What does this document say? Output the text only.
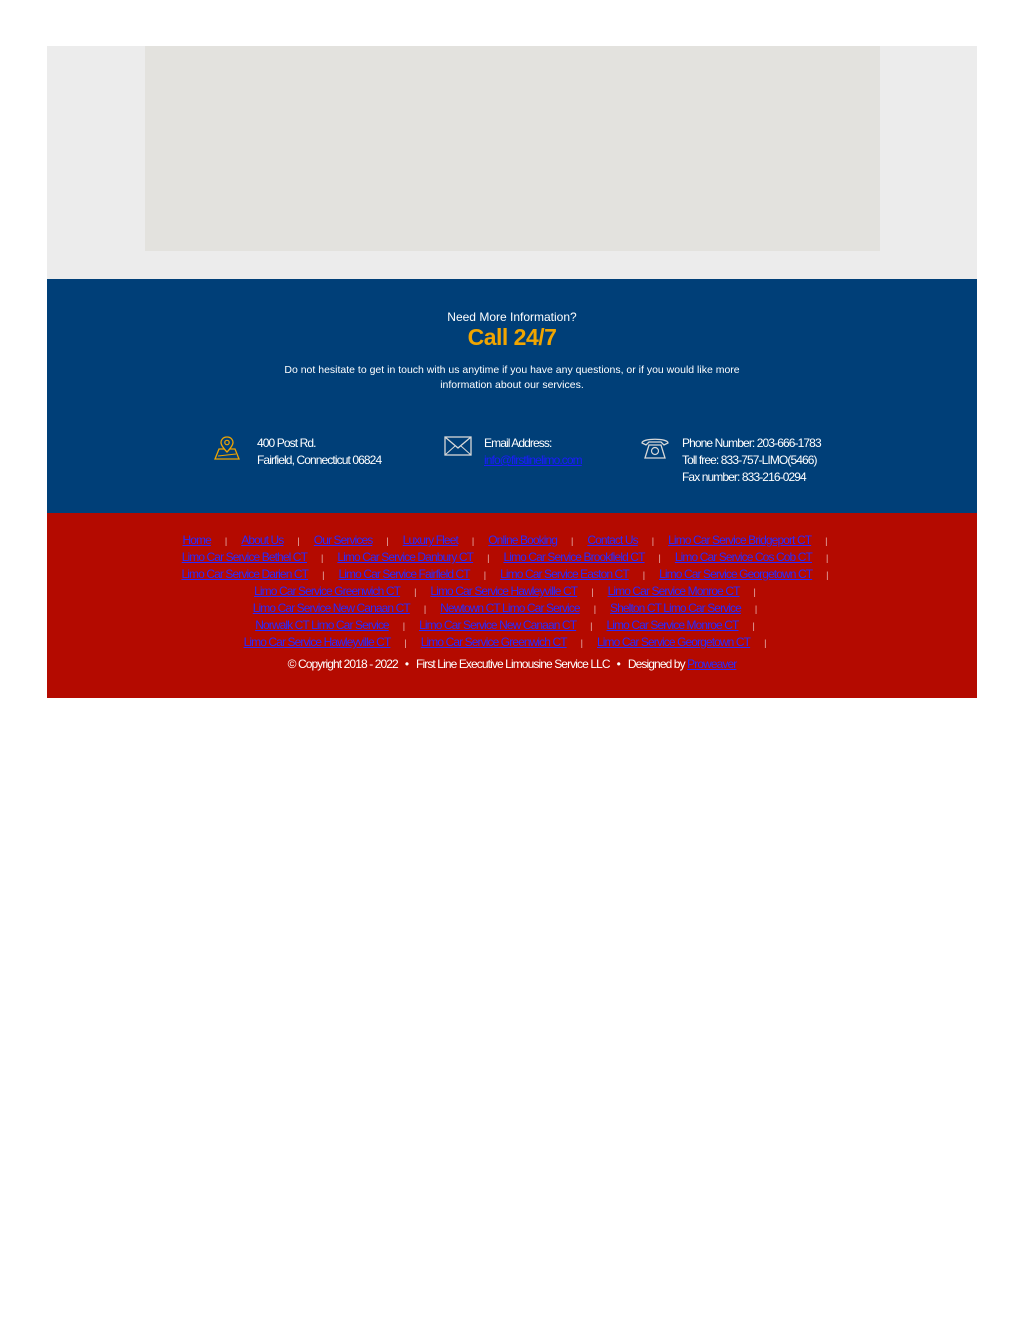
Need More Information?
Call 24/7
Do not hesitate to get in touch with us anytime if you have any questions, or if you would like more information about our services.
400 Post Rd.
Fairfield, Connecticut 06824
Email Address:
info@firstlinelimo.com
Phone Number: 203-666-1783
Toll free: 833-757-LIMO(5466)
Fax number: 833-216-0294
Home | About Us | Our Services | Luxury Fleet | Online Booking | Contact Us | Limo Car Service Bridgeport CT |
Limo Car Service Bethel CT | Limo Car Service Danbury CT | Limo Car Service Brookfield CT | Limo Car Service Cos Cob CT |
Limo Car Service Darien CT | Limo Car Service Fairfield CT | Limo Car Service Easton CT | Limo Car Service Georgetown CT |
Limo Car Service Greenwich CT | Limo Car Service Hawleyville CT | Limo Car Service Monroe CT |
Limo Car Service New Canaan CT | Newtown CT Limo Car Service | Shelton CT Limo Car Service |
Norwalk CT Limo Car Service | Limo Car Service New Canaan CT | Limo Car Service Monroe CT |
Limo Car Service Hawleyville CT | Limo Car Service Greenwich CT | Limo Car Service Georgetown CT |
© Copyright 2018 - 2022 • First Line Executive Limousine Service LLC • Designed by Proweaver
